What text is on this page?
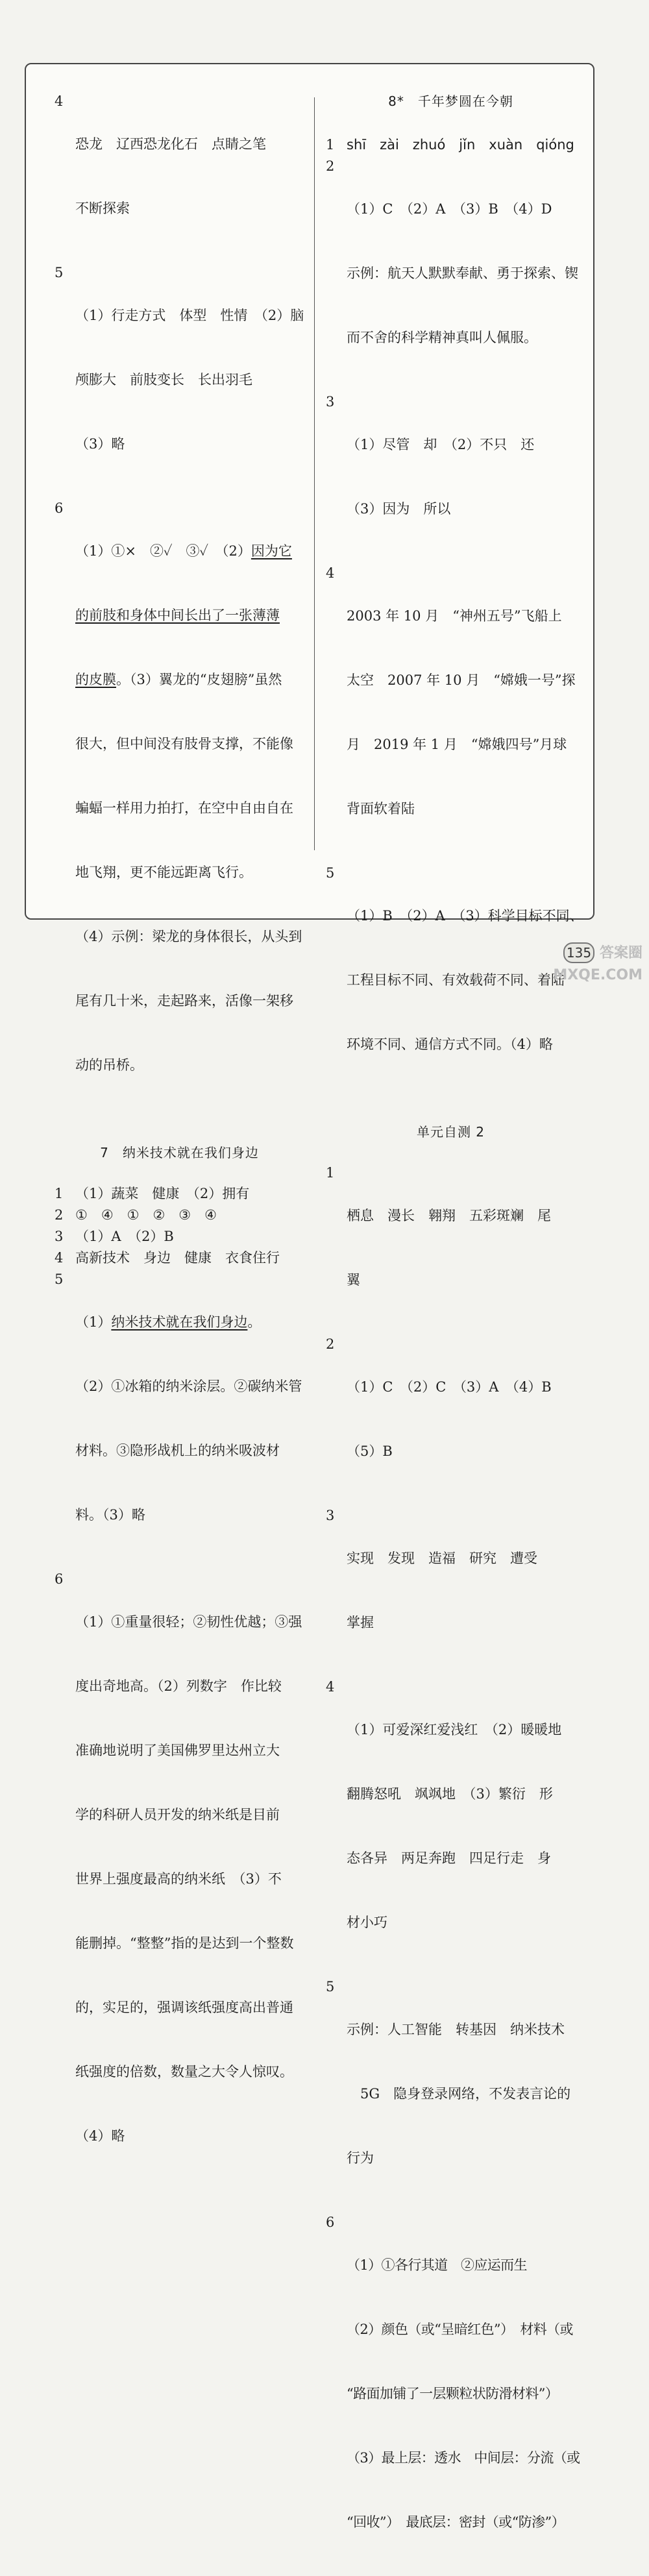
4

恐龙　辽西恐龙化石　点睛之笔

不断探索

5

（1）行走方式　体型　性情　（2）脑

颅膨大　前肢变长　长出羽毛

（3）略

6

（1）①×　②✓　③✓　（2）因为它

的前肢和身体中间长出了一张薄薄

的皮膜。（3）翼龙的“皮翅膀”虽然

很大，但中间没有肢骨支撑，不能像

蝙蝠一样用力拍打，在空中自由自在

地飞翔，更不能远距离飞行。

（4）示例：梁龙的身体很长，从头到

尾有几十米，走起路来，活像一架移

动的吊桥。

7　纳米技术就在我们身边

1 （1）蔬菜　健康　（2）拥有
2 ①　④　①　②　③　④
3 （1）A　（2）B
4 高新技术　身边　健康　衣食住行
5

（1）纳米技术就在我们身边。

（2）①冰箱的纳米涂层。②碳纳米管

材料。③隐形战机上的纳米吸波材

料。（3）略

6

（1）①重量很轻；②韧性优越；③强

度出奇地高。（2）列数字　作比较

准确地说明了美国佛罗里达州立大

学的科研人员开发的纳米纸是目前

世界上强度最高的纳米纸　（3）不

能删掉。“整整”指的是达到一个整数

的，实足的，强调该纸强度高出普通

纸强度的倍数，数量之大令人惊叹。

（4）略

8*　千年梦圆在今朝

1 shī　zài　zhuó　jǐn　xuàn　qióng
2

（1）C　（2）A　（3）B　（4）D

示例：航天人默默奉献、勇于探索、锲

而不舍的科学精神真叫人佩服。

3

（1）尽管　却　（2）不只　还

（3）因为　所以

4

2003 年 10 月　“神州五号”飞船上

太空　2007 年 10 月　“嫦娥一号”探

月　2019 年 1 月　“嫦娥四号”月球

背面软着陆

5

（1）B　（2）A　（3）科学目标不同、

工程目标不同、有效载荷不同、着陆

环境不同、通信方式不同。（4）略

单元自测 2

1

栖息　漫长　翱翔　五彩斑斓　尾

翼

2

（1）C　（2）C　（3）A　（4）B

（5）B

3

实现　发现　造福　研究　遭受

掌握

4

（1）可爱深红爱浅红　（2）暖暖地

翻腾怒吼　飒飒地　（3）繁衍　形

态各异　两足奔跑　四足行走　身

材小巧

5

示例：人工智能　转基因　纳米技术

　5G　隐身登录网络，不发表言论的

行为

6

（1）①各行其道　②应运而生

（2）颜色（或“呈暗红色”）　材料（或

“路面加铺了一层颗粒状防滑材料”）

（3）最上层：透水　中间层：分流（或

“回收”）　最底层：密封（或“防渗”）

答案圈 MXQE.COM
135
